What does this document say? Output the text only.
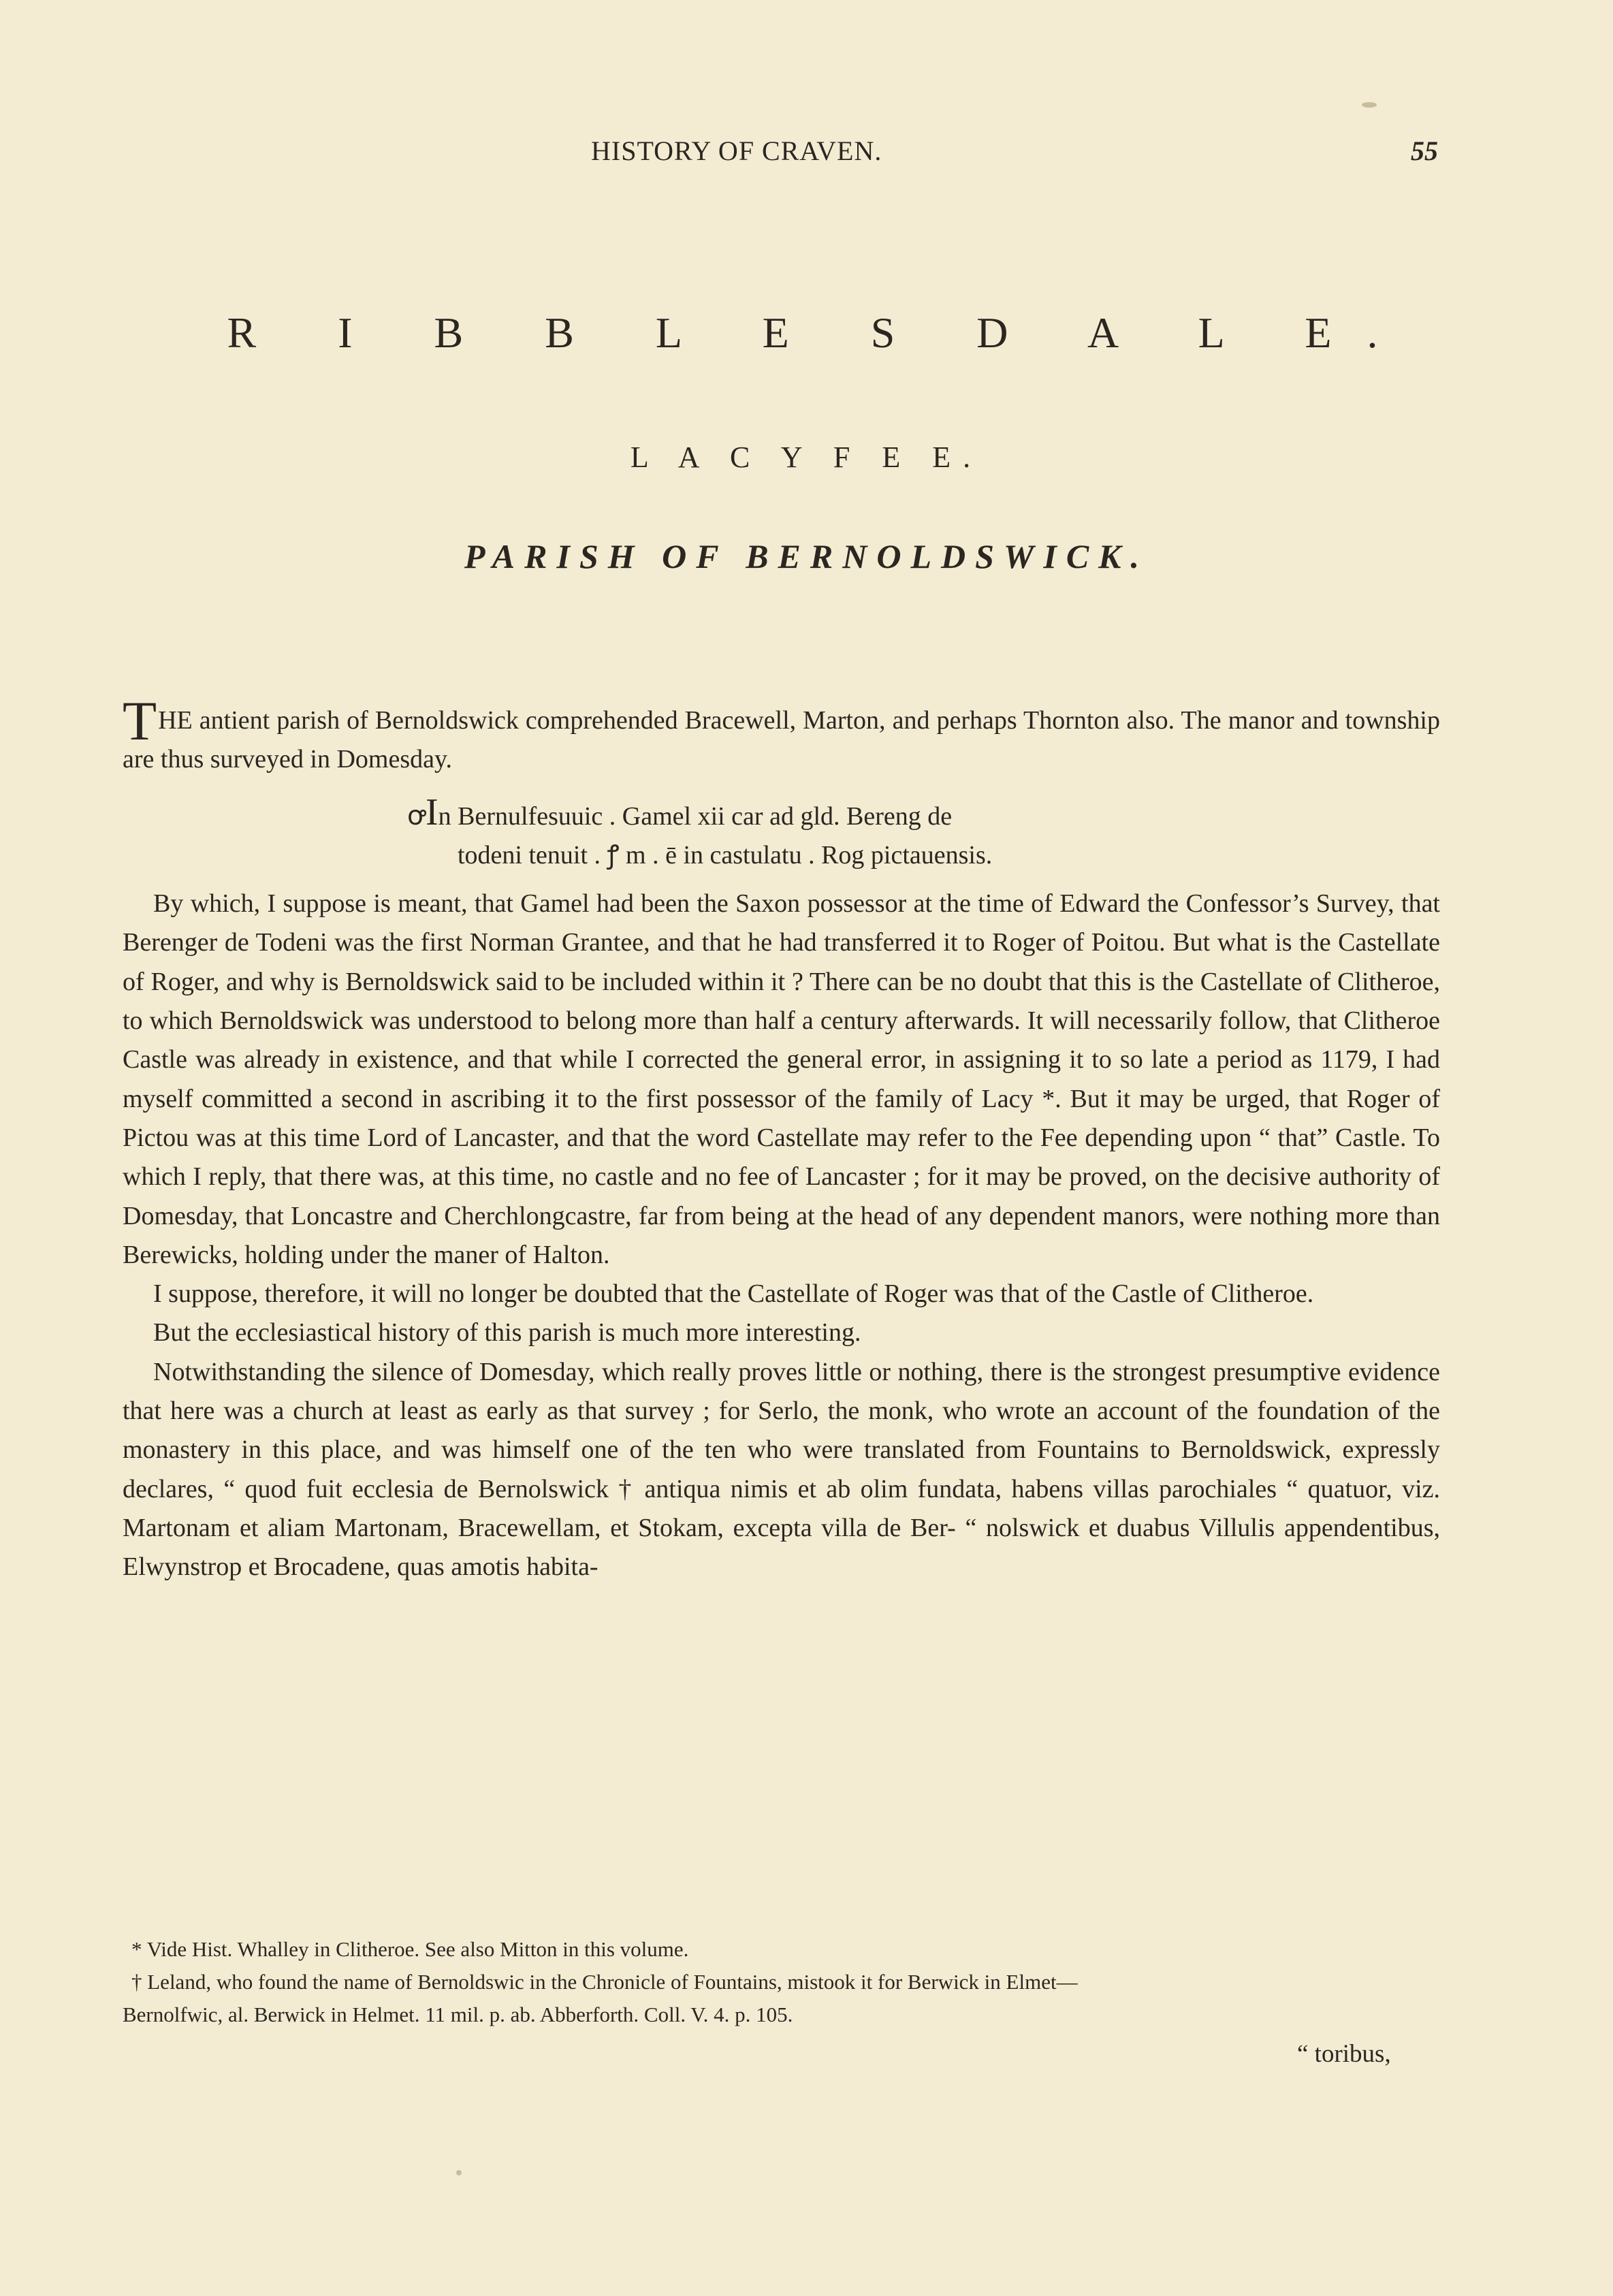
HISTORY OF CRAVEN.	55
R I B B L E S D A L E.
L A C Y F E E.
PARISH OF BERNOLDSWICK.

THE antient parish of Bernoldswick comprehended Bracewell, Marton, and perhaps Thornton also. The manor and township are thus surveyed in Domesday.

ꝍIn Bernulfesuuic . Gamel xii car ad gld. Bereng de
todeni tenuit . ꝭ m . ē in castulatu . Rog pictauensis.

By which, I suppose is meant, that Gamel had been the Saxon possessor at the time of Edward the Confessor’s Survey, that Berenger de Todeni was the first Norman Grantee, and that he had transferred it to Roger of Poitou. But what is the Castellate of Roger, and why is Bernoldswick said to be included within it ? There can be no doubt that this is the Castellate of Clitheroe, to which Bernoldswick was understood to belong more than half a century afterwards. It will necessarily follow, that Clitheroe Castle was already in existence, and that while I corrected the general error, in assigning it to so late a period as 1179, I had myself committed a second in ascribing it to the first possessor of the family of Lacy *. But it may be urged, that Roger of Pictou was at this time Lord of Lancaster, and that the word Castellate may refer to the Fee depending upon “ that” Castle. To which I reply, that there was, at this time, no castle and no fee of Lancaster ; for it may be proved, on the decisive authority of Domesday, that Loncastre and Cherchlongcastre, far from being at the head of any dependent manors, were nothing more than Berewicks, holding under the maner of Halton.

I suppose, therefore, it will no longer be doubted that the Castellate of Roger was that of the Castle of Clitheroe.

But the ecclesiastical history of this parish is much more interesting.

Notwithstanding the silence of Domesday, which really proves little or nothing, there is the strongest presumptive evidence that here was a church at least as early as that survey ; for Serlo, the monk, who wrote an account of the foundation of the monastery in this place, and was himself one of the ten who were translated from Fountains to Bernoldswick, expressly declares, “ quod fuit ecclesia de Bernolswick † antiqua nimis et ab olim fundata, habens villas parochiales “ quatuor, viz. Martonam et aliam Martonam, Bracewellam, et Stokam, excepta villa de Ber- “ nolswick et duabus Villulis appendentibus, Elwynstrop et Brocadene, quas amotis habita-

* Vide Hist. Whalley in Clitheroe. See also Mitton in this volume.

† Leland, who found the name of Bernoldswic in the Chronicle of Fountains, mistook it for Berwick in Elmet—

Bernolfwic, al. Berwick in Helmet. 11 mil. p. ab. Abberforth. Coll. V. 4. p. 105.

“ toribus,
